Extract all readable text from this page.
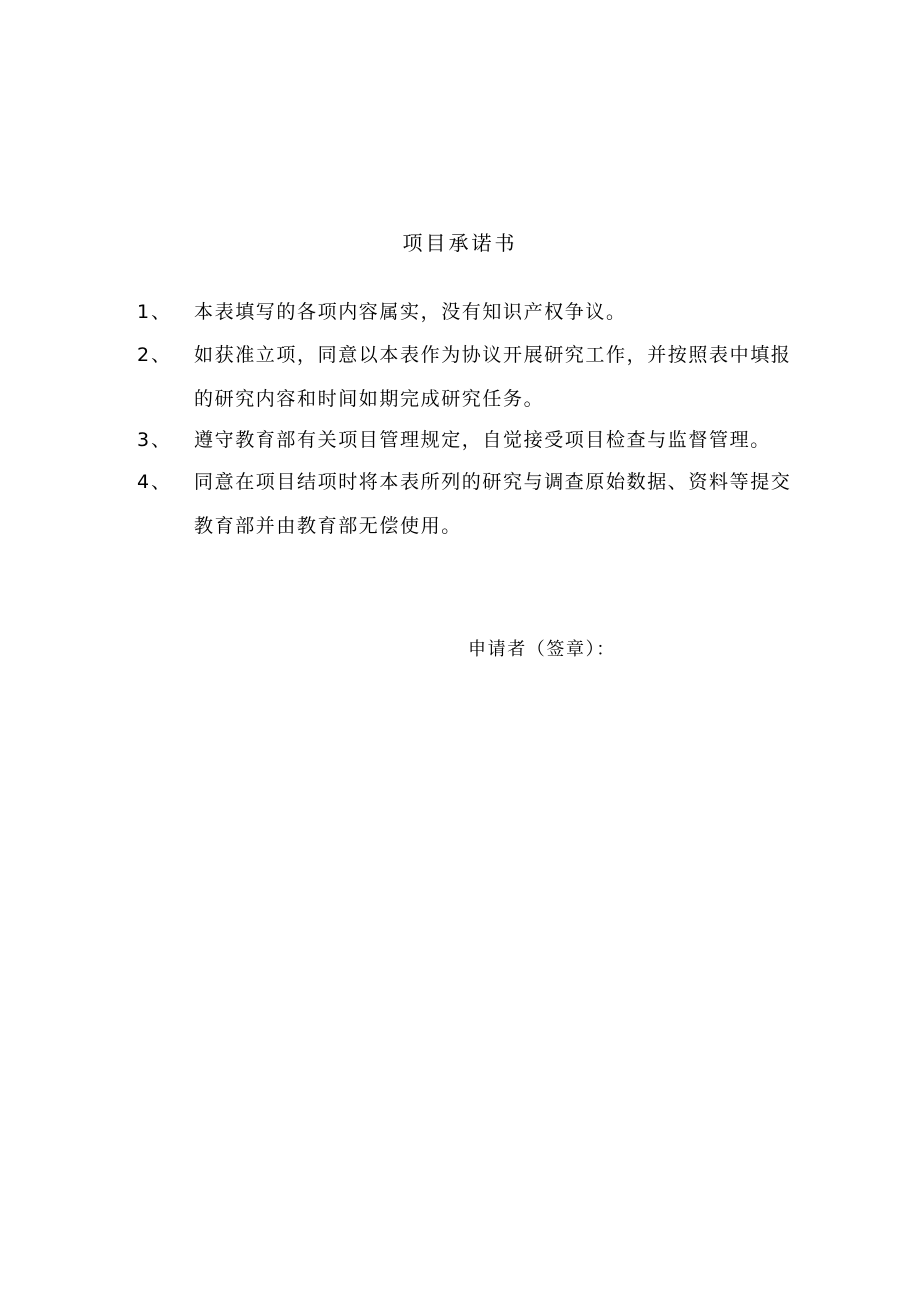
项目承诺书
1、	本表填写的各项内容属实，没有知识产权争议。
2、	如获准立项，同意以本表作为协议开展研究工作，并按照表中填报的研究内容和时间如期完成研究任务。
3、	遵守教育部有关项目管理规定，自觉接受项目检查与监督管理。
4、	同意在项目结项时将本表所列的研究与调查原始数据、资料等提交教育部并由教育部无偿使用。
申请者（签章）：
